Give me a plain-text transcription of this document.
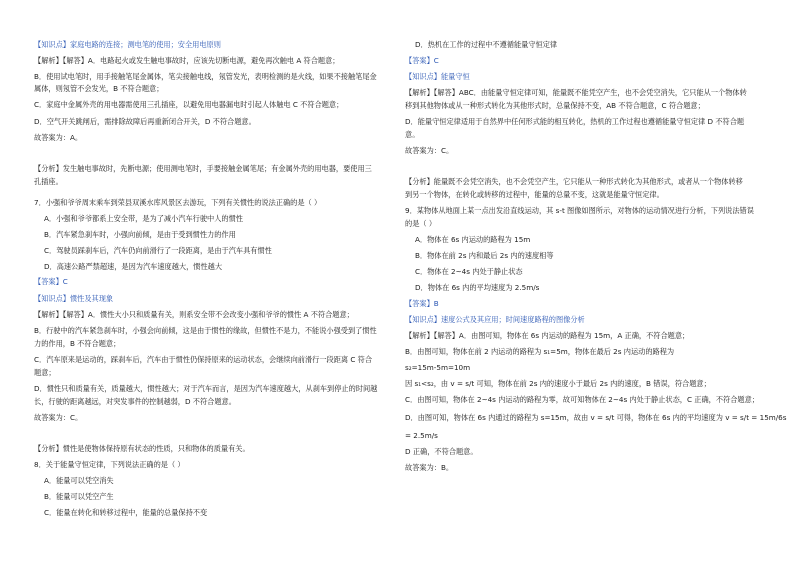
【知识点】家庭电路的连接；测电笔的使用；安全用电原则
【解析】【解答】A．电路起火或发生触电事故时，应该先切断电源，避免再次触电 A 符合题意；
B．使用试电笔时，用手接触笔尾金属体，笔尖接触电线，氖管发光，表明检测的是火线，如果不接触笔尾金
属体，则氖管不会发光，B 不符合题意；
C．家庭中金属外壳的用电器需使用三孔插座，以避免用电器漏电时引起人体触电 C 不符合题意；
D．空气开关跳闸后，需排除故障后再重新闭合开关，D 不符合题意。
故答案为：A。
【分析】发生触电事故时，先断电源；使用测电笔时，手要接触金属笔尾；有金属外壳的用电器，要使用三
孔插座。
7．小强和爷爷周末乘车到荣县双溪水库风景区去游玩，下列有关惯性的说法正确的是（ ）
A．小强和爷爷都系上安全带，是为了减小汽车行驶中人的惯性
B．汽车紧急刹车时，小强向前倾，是由于受到惯性力的作用
C．驾驶员踩刹车后，汽车仍向前滑行了一段距离，是由于汽车具有惯性
D．高速公路严禁超速，是因为汽车速度越大，惯性越大
【答案】C
【知识点】惯性及其现象
【解析】【解答】A．惯性大小只和质量有关，则系安全带不会改变小强和爷爷的惯性 A 不符合题意；
B．行驶中的汽车紧急刹车时，小强会向前倾，这是由于惯性的缘故，但惯性不是力，不能说小强受到了惯性
力的作用，B 不符合题意；
C．汽车原来是运动的，踩刹车后，汽车由于惯性仍保持原来的运动状态，会继续向前滑行一段距离 C 符合
题意；
D．惯性只和质量有关，质量越大，惯性越大；对于汽车而言，是因为汽车速度越大，从刹车到停止的时间越
长，行驶的距离越远，对突发事件的控制越弱，D 不符合题意。
故答案为：C。
【分析】惯性是使物体保持原有状态的性质，只和物体的质量有关。
8．关于能量守恒定律，下列说法正确的是（ ）
A．能量可以凭空消失
B．能量可以凭空产生
C．能量在转化和转移过程中，能量的总量保持不变
D．热机在工作的过程中不遵循能量守恒定律
【答案】C
【知识点】能量守恒
【解析】【解答】ABC．由能量守恒定律可知，能量既不能凭空产生，也不会凭空消失，它只能从一个物体转
移到其他物体或从一种形式转化为其他形式时，总量保持不变，AB 不符合题意，C 符合题意；
D．能量守恒定律适用于自然界中任何形式能的相互转化，热机的工作过程也遵循能量守恒定律 D 不符合题
意。
故答案为：C。
【分析】能量既不会凭空消失，也不会凭空产生，它只能从一种形式转化为其他形式，或者从一个物体转移
到另一个物体，在转化或转移的过程中，能量的总量不变，这就是能量守恒定律。
9．某物体从地面上某一点出发沿直线运动，其 s-t 图像如图所示，对物体的运动情况进行分析，下列说法错误
的是（ ）
A．物体在 6s 内运动的路程为 15m
B．物体在前 2s 内和最后 2s 内的速度相等
C．物体在 2~4s 内处于静止状态
D．物体在 6s 内的平均速度为 2.5m/s
【答案】B
【知识点】速度公式及其应用；时间速度路程的图像分析
【解析】【解答】A．由图可知，物体在 6s 内运动的路程为 15m，A 正确，不符合题意；
B．由图可知，物体在前 2 内运动的路程为 s₁=5m，物体在最后 2s 内运动的路程为
s₂=15m-5m=10m
因 s₁<s₂，由 v = s/t 可知，物体在前 2s 内的速度小于最后 2s 内的速度，B 错误，符合题意；
C．由图可知，物体在 2~4s 内运动的路程为零，故可知物体在 2~4s 内处于静止状态，C 正确，不符合题意；
D．由图可知，物体在 6s 内通过的路程为 s=15m，故由 v = s/t 可得，物体在 6s 内的平均速度为 v = s/t = 15m/6s
= 2.5m/s
D 正确，不符合题意。
故答案为：B。
